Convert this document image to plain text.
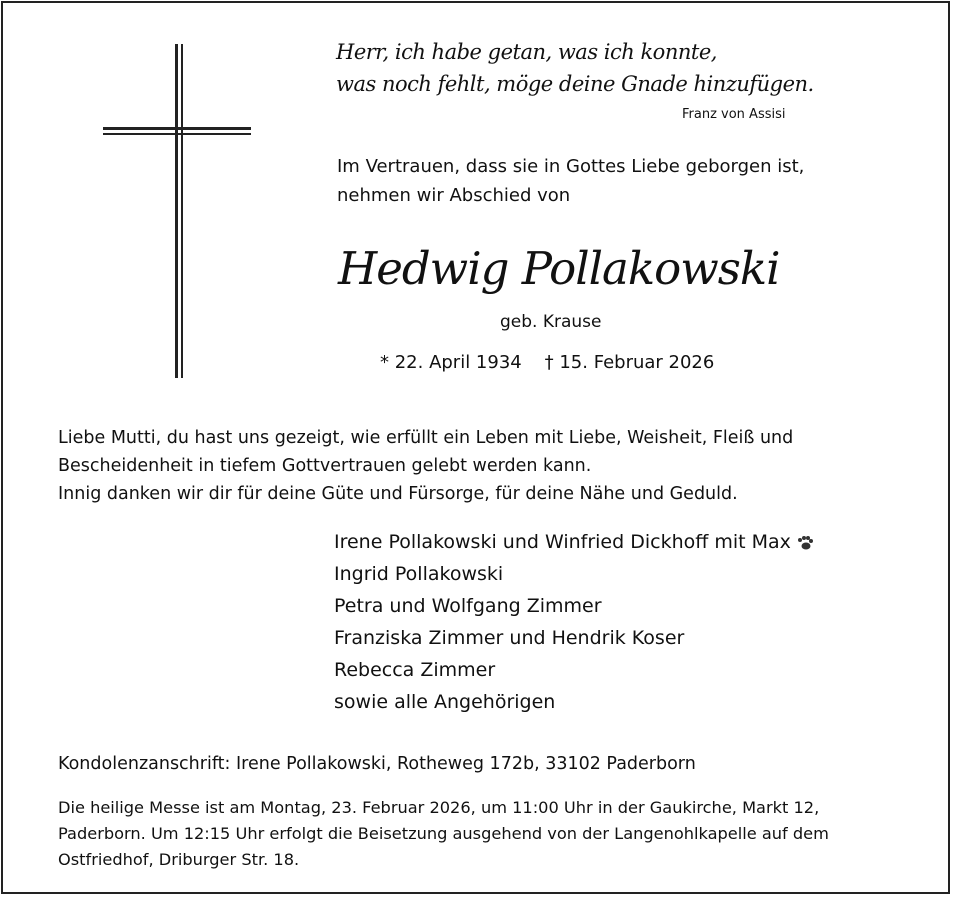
Herr, ich habe getan, was ich konnte,
was noch fehlt, möge deine Gnade hinzufügen.
Franz von Assisi
Im Vertrauen, dass sie in Gottes Liebe geborgen ist,
nehmen wir Abschied von
Hedwig Pollakowski
geb. Krause
* 22. April 1934    † 15. Februar 2026
Liebe Mutti, du hast uns gezeigt, wie erfüllt ein Leben mit Liebe, Weisheit, Fleiß und
Bescheidenheit in tiefem Gottvertrauen gelebt werden kann.
Innig danken wir dir für deine Güte und Fürsorge, für deine Nähe und Geduld.
Irene Pollakowski und Winfried Dickhoff mit Max
Ingrid Pollakowski
Petra und Wolfgang Zimmer
Franziska Zimmer und Hendrik Koser
Rebecca Zimmer
sowie alle Angehörigen
Kondolenzanschrift: Irene Pollakowski, Rotheweg 172b, 33102 Paderborn
Die heilige Messe ist am Montag, 23. Februar 2026, um 11:00 Uhr in der Gaukirche, Markt 12,
Paderborn. Um 12:15 Uhr erfolgt die Beisetzung ausgehend von der Langenohlkapelle auf dem
Ostfriedhof, Driburger Str. 18.
